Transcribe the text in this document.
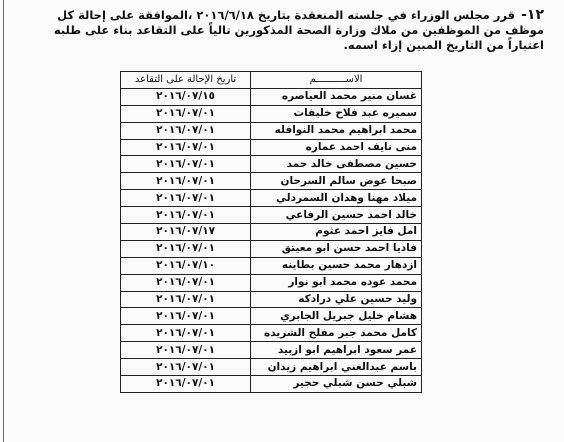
١٢-قرر مجلس الوزراء في جلسته المنعقدة بتاريخ ٢٠١٦/٦/١٨ ،الموافقة على إحالة كل
موظف من الموظفين من ملاك وزارة الصحة المذكورين تالياً على التقاعد بناء على طلبه
اعتباراً من التاريخ المبين إزاء اسمه.
الاســــــــــم	تاريخ الإحالة على التقاعد
غسان منير محمد العياصره	٢٠١٦/٠٧/١٥
سميره عبد فلاح خليفات	٢٠١٦/٠٧/٠١
محمد ابراهيم محمد النوافله	٢٠١٦/٠٧/٠١
منى نايف احمد عماره	٢٠١٦/٠٧/٠١
حسين مصطفى خالد حمد	٢٠١٦/٠٧/٠١
صبحا عوض سالم السرحان	٢٠١٦/٠٧/٠١
ميلاد مهنا وهدان السمردلي	٢٠١٦/٠٧/٠١
خالد احمد حسين الرفاعي	٢٠١٦/٠٧/٠١
امل فايز احمد عثوم	٢٠١٦/٠٧/١٧
فاديا احمد حسن ابو معيتق	٢٠١٦/٠٧/٠١
ازدهار محمد حسين بطاينه	٢٠١٦/٠٧/١٠
محمد عوده محمد ابو نوار	٢٠١٦/٠٧/٠١
وليد حسين علي درادكه	٢٠١٦/٠٧/٠١
هشام خليل جبريل الجابري	٢٠١٦/٠٧/٠١
كامل محمد جبر مفلح الشريده	٢٠١٦/٠٧/٠١
عمر سعود ابراهيم ابو ازبيد	٢٠١٦/٠٧/٠١
باسم عبدالغني ابراهيم زيدان	٢٠١٦/٠٧/٠١
شبلي حسن شبلي حجير	٢٠١٦/٠٧/٠١
